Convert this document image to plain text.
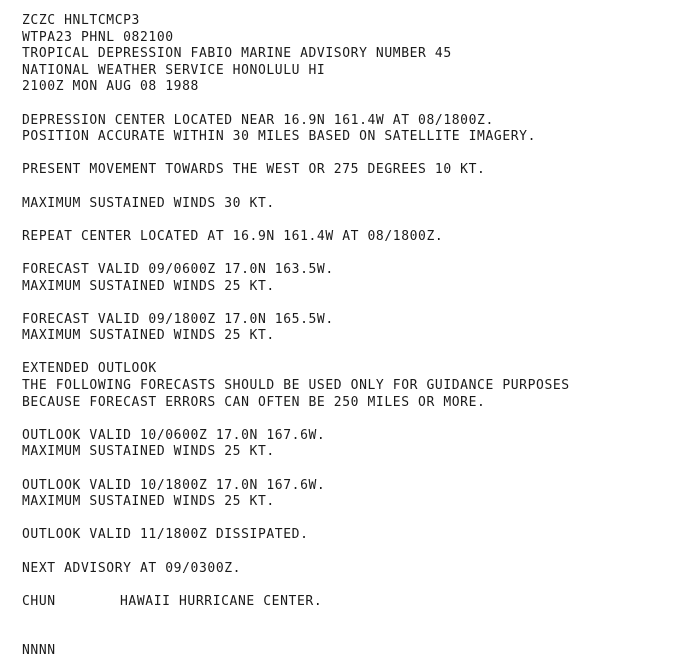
ZCZC HNLTCMCP3
WTPA23 PHNL 082100
TROPICAL DEPRESSION FABIO MARINE ADVISORY NUMBER 45
NATIONAL WEATHER SERVICE HONOLULU HI
2100Z MON AUG 08 1988
DEPRESSION CENTER LOCATED NEAR 16.9N 161.4W AT 08/1800Z.
POSITION ACCURATE WITHIN 30 MILES BASED ON SATELLITE IMAGERY.
PRESENT MOVEMENT TOWARDS THE WEST OR 275 DEGREES 10 KT.
MAXIMUM SUSTAINED WINDS 30 KT.
REPEAT CENTER LOCATED AT 16.9N 161.4W AT 08/1800Z.
FORECAST VALID 09/0600Z 17.0N 163.5W.
MAXIMUM SUSTAINED WINDS 25 KT.
FORECAST VALID 09/1800Z 17.0N 165.5W.
MAXIMUM SUSTAINED WINDS 25 KT.
EXTENDED OUTLOOK
THE FOLLOWING FORECASTS SHOULD BE USED ONLY FOR GUIDANCE PURPOSES
BECAUSE FORECAST ERRORS CAN OFTEN BE 250 MILES OR MORE.
OUTLOOK VALID 10/0600Z 17.0N 167.6W.
MAXIMUM SUSTAINED WINDS 25 KT.
OUTLOOK VALID 10/1800Z 17.0N 167.6W.
MAXIMUM SUSTAINED WINDS 25 KT.
OUTLOOK VALID 11/1800Z DISSIPATED.
NEXT ADVISORY AT 09/0300Z.
CHUN	HAWAII HURRICANE CENTER.
NNNN
